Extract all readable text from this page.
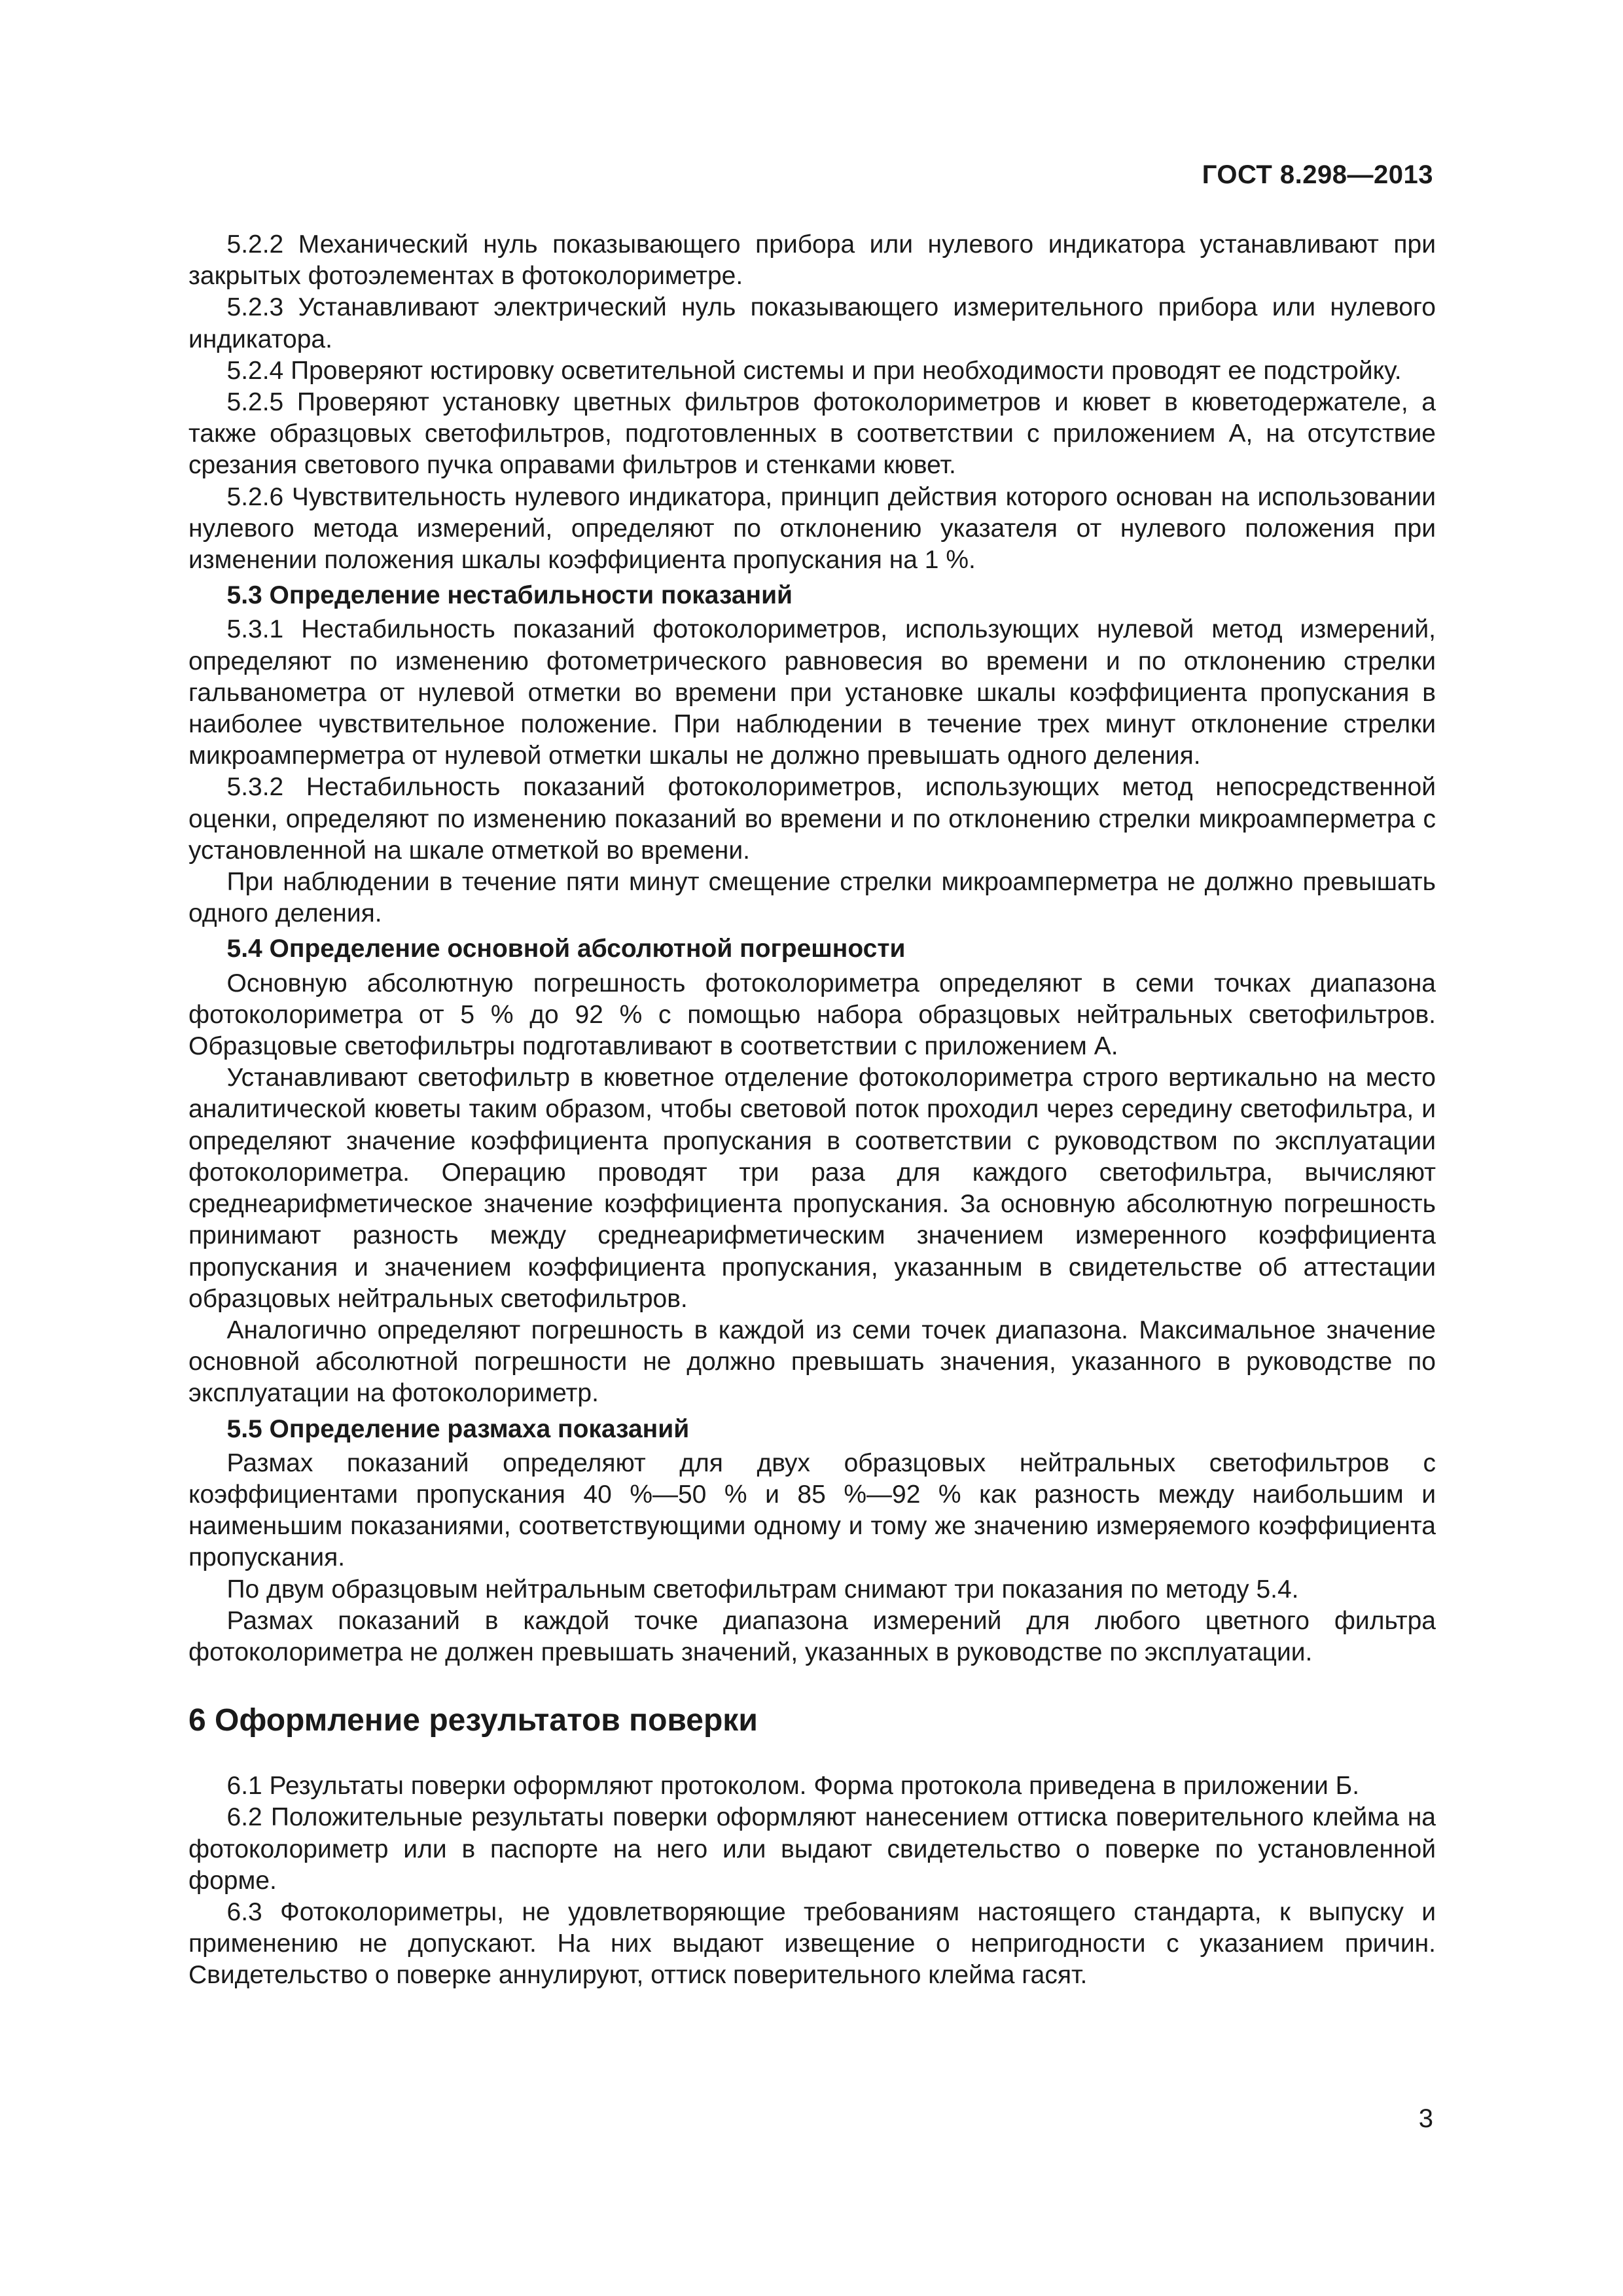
ГОСТ 8.298—2013

5.2.2 Механический нуль показывающего прибора или нулевого индикатора устанавливают при закрытых фотоэлементах в фотоколориметре.

5.2.3 Устанавливают электрический нуль показывающего измерительного прибора или нулевого индикатора.

5.2.4 Проверяют юстировку осветительной системы и при необходимости проводят ее подстройку.

5.2.5 Проверяют установку цветных фильтров фотоколориметров и кювет в кюветодержателе, а также образцовых светофильтров, подготовленных в соответствии с приложением А, на отсутствие срезания светового пучка оправами фильтров и стенками кювет.

5.2.6 Чувствительность нулевого индикатора, принцип действия которого основан на использовании нулевого метода измерений, определяют по отклонению указателя от нулевого положения при изменении положения шкалы коэффициента пропускания на 1 %.

5.3 Определение нестабильности показаний

5.3.1 Нестабильность показаний фотоколориметров, использующих нулевой метод измерений, определяют по изменению фотометрического равновесия во времени и по отклонению стрелки гальванометра от нулевой отметки во времени при установке шкалы коэффициента пропускания в наиболее чувствительное положение. При наблюдении в течение трех минут отклонение стрелки микроамперметра от нулевой отметки шкалы не должно превышать одного деления.

5.3.2 Нестабильность показаний фотоколориметров, использующих метод непосредственной оценки, определяют по изменению показаний во времени и по отклонению стрелки микроамперметра с установленной на шкале отметкой во времени.

При наблюдении в течение пяти минут смещение стрелки микроамперметра не должно превышать одного деления.

5.4 Определение основной абсолютной погрешности

Основную абсолютную погрешность фотоколориметра определяют в семи точках диапазона фотоколориметра от 5 % до 92 % с помощью набора образцовых нейтральных светофильтров. Образцовые светофильтры подготавливают в соответствии с приложением А.

Устанавливают светофильтр в кюветное отделение фотоколориметра строго вертикально на место аналитической кюветы таким образом, чтобы световой поток проходил через середину светофильтра, и определяют значение коэффициента пропускания в соответствии с руководством по эксплуатации фотоколориметра. Операцию проводят три раза для каждого светофильтра, вычисляют среднеарифметическое значение коэффициента пропускания. За основную абсолютную погрешность принимают разность между среднеарифметическим значением измеренного коэффициента пропускания и значением коэффициента пропускания, указанным в свидетельстве об аттестации образцовых нейтральных светофильтров.

Аналогично определяют погрешность в каждой из семи точек диапазона. Максимальное значение основной абсолютной погрешности не должно превышать значения, указанного в руководстве по эксплуатации на фотоколориметр.

5.5 Определение размаха показаний

Размах показаний определяют для двух образцовых нейтральных светофильтров с коэффициентами пропускания 40 %—50 % и 85 %—92 % как разность между наибольшим и наименьшим показаниями, соответствующими одному и тому же значению измеряемого коэффициента пропускания.

По двум образцовым нейтральным светофильтрам снимают три показания по методу 5.4.

Размах показаний в каждой точке диапазона измерений для любого цветного фильтра фотоколориметра не должен превышать значений, указанных в руководстве по эксплуатации.

6 Оформление результатов поверки

6.1 Результаты поверки оформляют протоколом. Форма протокола приведена в приложении Б.

6.2 Положительные результаты поверки оформляют нанесением оттиска поверительного клейма на фотоколориметр или в паспорте на него или выдают свидетельство о поверке по установленной форме.

6.3 Фотоколориметры, не удовлетворяющие требованиям настоящего стандарта, к выпуску и применению не допускают. На них выдают извещение о непригодности с указанием причин. Свидетельство о поверке аннулируют, оттиск поверительного клейма гасят.

3
